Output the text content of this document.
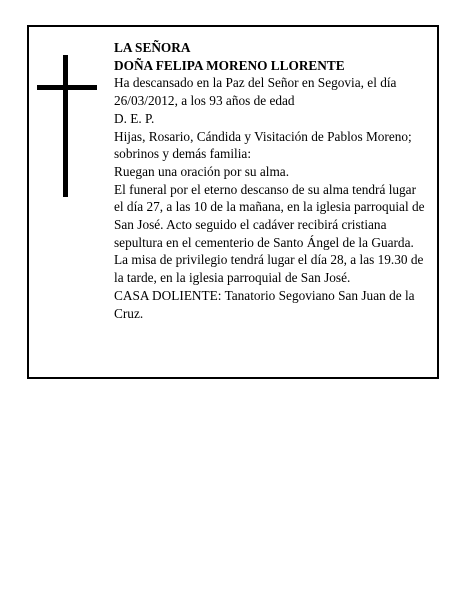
LA SEÑORA

DOÑA FELIPA MORENO LLORENTE

Ha descansado en la Paz del Señor en Segovia, el día 26/03/2012, a los 93 años de edad

D. E. P.

Hijas, Rosario, Cándida y Visitación de Pablos Moreno; sobrinos y demás familia:

Ruegan una oración por su alma.

El funeral por el eterno descanso de su alma tendrá lugar el día 27, a las 10 de la mañana, en la iglesia parroquial de San José. Acto seguido el cadáver recibirá cristiana sepultura en el cementerio de Santo Ángel de la Guarda. La misa de privilegio tendrá lugar el día 28, a las 19.30 de la tarde, en la iglesia parroquial de San José.

CASA DOLIENTE: Tanatorio Segoviano San Juan de la Cruz.
